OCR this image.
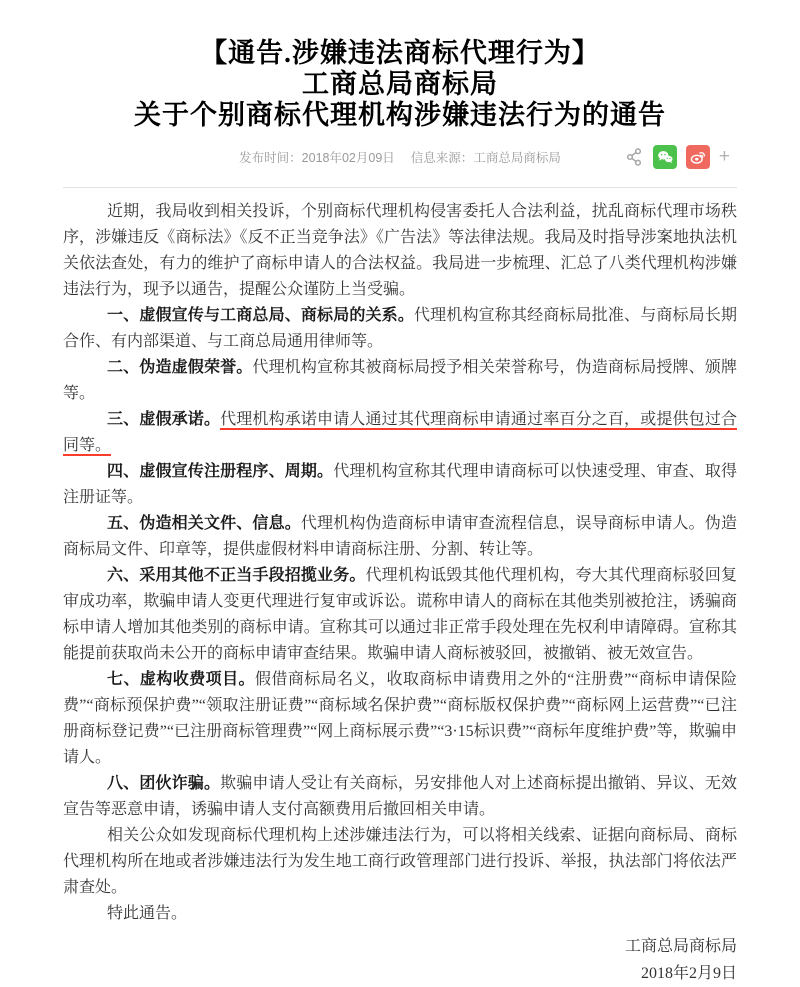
【通告.涉嫌违法商标代理行为】
工商总局商标局
关于个别商标代理机构涉嫌违法行为的通告
发布时间：2018年02月09日 信息来源：工商总局商标局	+

近期，我局收到相关投诉，个别商标代理机构侵害委托人合法利益，扰乱商标代理市场秩序，涉嫌违反《商标法》《反不正当竞争法》《广告法》等法律法规。我局及时指导涉案地执法机关依法查处，有力的维护了商标申请人的合法权益。我局进一步梳理、汇总了八类代理机构涉嫌违法行为，现予以通告，提醒公众谨防上当受骗。

一、虚假宣传与工商总局、商标局的关系。代理机构宣称其经商标局批准、与商标局长期合作、有内部渠道、与工商总局通用律师等。

二、伪造虚假荣誉。代理机构宣称其被商标局授予相关荣誉称号，伪造商标局授牌、颁牌等。

三、虚假承诺。代理机构承诺申请人通过其代理商标申请通过率百分之百，或提供包过合同等。

四、虚假宣传注册程序、周期。代理机构宣称其代理申请商标可以快速受理、审查、取得注册证等。

五、伪造相关文件、信息。代理机构伪造商标申请审查流程信息，误导商标申请人。伪造商标局文件、印章等，提供虚假材料申请商标注册、分割、转让等。

六、采用其他不正当手段招揽业务。代理机构诋毁其他代理机构，夸大其代理商标驳回复审成功率，欺骗申请人变更代理进行复审或诉讼。谎称申请人的商标在其他类别被抢注，诱骗商标申请人增加其他类别的商标申请。宣称其可以通过非正常手段处理在先权利申请障碍。宣称其能提前获取尚未公开的商标申请审查结果。欺骗申请人商标被驳回，被撤销、被无效宣告。

七、虚构收费项目。假借商标局名义，收取商标申请费用之外的“注册费”“商标申请保险费”“商标预保护费”“领取注册证费”“商标域名保护费”“商标版权保护费”“商标网上运营费”“已注册商标登记费”“已注册商标管理费”“网上商标展示费”“3·15标识费”“商标年度维护费”等，欺骗申请人。

八、团伙诈骗。欺骗申请人受让有关商标，另安排他人对上述商标提出撤销、异议、无效宣告等恶意申请，诱骗申请人支付高额费用后撤回相关申请。

相关公众如发现商标代理机构上述涉嫌违法行为，可以将相关线索、证据向商标局、商标代理机构所在地或者涉嫌违法行为发生地工商行政管理部门进行投诉、举报，执法部门将依法严肃查处。

特此通告。

工商总局商标局
2018年2月9日
